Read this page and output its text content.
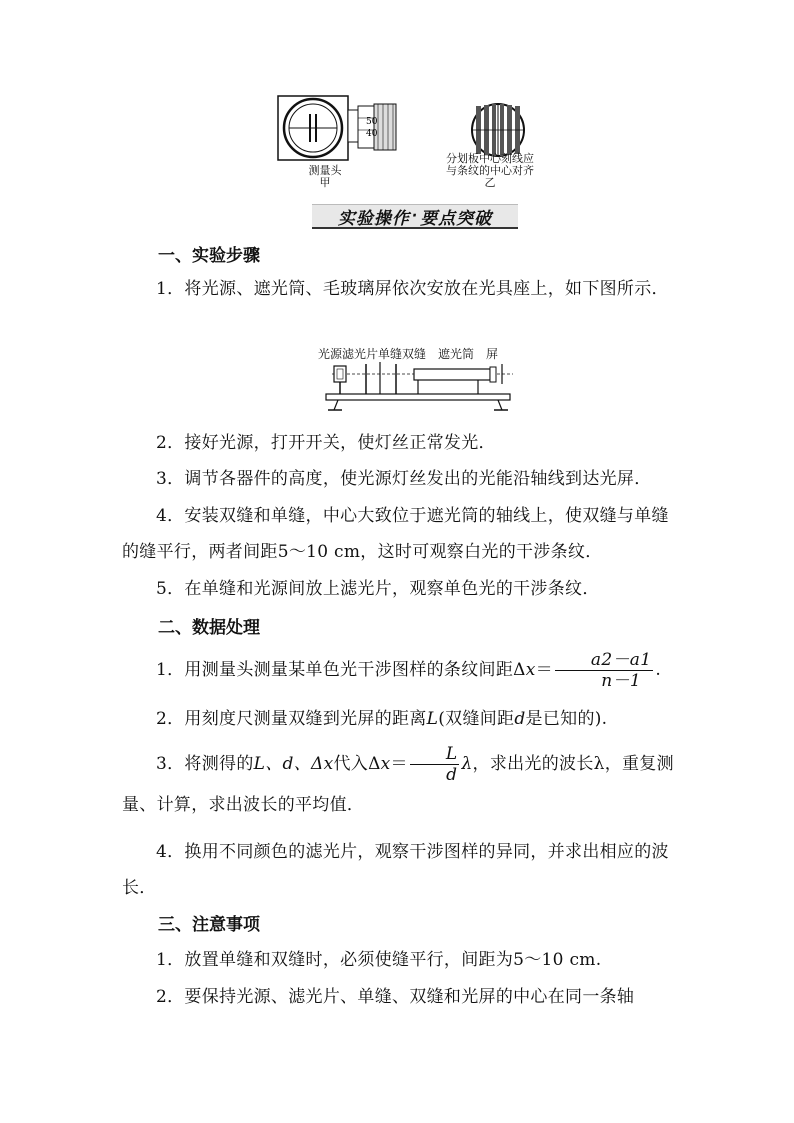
50
40
测量头
甲
分划板中心刻线应
与条纹的中心对齐
乙
实验操作 · 要点突破
一、实验步骤
1．将光源、遮光筒、毛玻璃屏依次安放在光具座上，如下图所示．
光源滤光片单缝双缝　遮光筒　屏
2．接好光源，打开开关，使灯丝正常发光．
3．调节各器件的高度，使光源灯丝发出的光能沿轴线到达光屏．
4．安装双缝和单缝，中心大致位于遮光筒的轴线上，使双缝与单缝的缝平行，两者间距5～10 cm，这时可观察白光的干涉条纹．
5．在单缝和光源间放上滤光片，观察单色光的干涉条纹．
二、数据处理
1．用测量头测量某单色光干涉图样的条纹间距$\Delta x= \frac{a2-a1}{n-1}$ .
2．用刻度尺测量双缝到光屏的距离L(双缝间距d是已知的).
3．将测得的L、d、Δx代入$\Delta x= \frac{L}{d}$ λ，求出光的波长λ，重复测量、计算，求出波长的平均值．
4．换用不同颜色的滤光片，观察干涉图样的异同，并求出相应的波长．
三、注意事项
1．放置单缝和双缝时，必须使缝平行，间距为5～10 cm.
2．要保持光源、滤光片、单缝、双缝和光屏的中心在同一条轴
